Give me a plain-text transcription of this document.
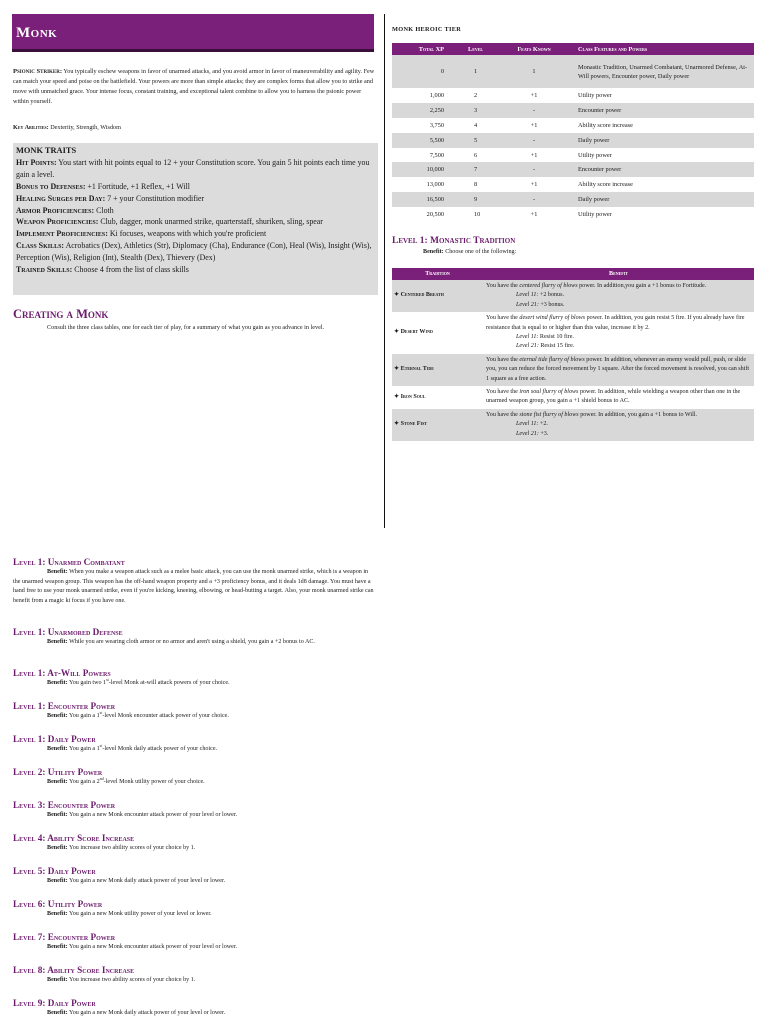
Monk
Psionic Striker: You typically eschew weapons in favor of unarmed attacks, and you avoid armor in favor of maneuverability and agility. Few can match your speed and poise on the battlefield. Your powers are more than simple attacks; they are complex forms that allow you to strike and move with unmatched grace. Your intense focus, constant training, and exceptional talent combine to allow you to harness the psionic power within yourself.
Key Abilities: Dexterity, Strength, Wisdom
MONK TRAITS
Hit Points: You start with hit points equal to 12 + your Constitution score. You gain 5 hit points each time you gain a level.
Bonus to Defenses: +1 Fortitude, +1 Reflex, +1 Will
Healing Surges per Day: 7 + your Constitution modifier
Armor Proficiencies: Cloth
Weapon Proficiencies: Club, dagger, monk unarmed strike, quarterstaff, shuriken, sling, spear
Implement Proficiencies: Ki focuses, weapons with which you're proficient
Class Skills: Acrobatics (Dex), Athletics (Str), Diplomacy (Cha), Endurance (Con), Heal (Wis), Insight (Wis), Perception (Wis), Religion (Int), Stealth (Dex), Thievery (Dex)
Trained Skills: Choose 4 from the list of class skills
Creating a Monk
Consult the three class tables, one for each tier of play, for a summary of what you gain as you advance in level.
MONK HEROIC TIER
Total XP	Level	Feats Known	Class Features and Powers
0	1	1	Monastic Tradition, Unarmed Combatant, Unarmored Defense, At-Will powers, Encounter power, Daily power
1,000	2	+1	Utility power
2,250	3	-	Encounter power
3,750	4	+1	Ability score increase
5,500	5	-	Daily power
7,500	6	+1	Utility power
10,000	7	-	Encounter power
13,000	8	+1	Ability score increase
16,500	9	-	Daily power
20,500	10	+1	Utility power
Level 1: Monastic Tradition
Benefit: Choose one of the following:
Tradition	Benefit
✦ Centered Breath	You have the centered flurry of blows power. In addition,you gain a +1 bonus to Fortitude.
Level 11: +2 bonus.
Level 21: +3 bonus.

✦ Desert Wind	You have the desert wind flurry of blows power. In addition, you gain resist 5 fire. If you already have fire resistance that is equal to or higher than this value, increase it by 2.
Level 11: Resist 10 fire.
Level 21: Resist 15 fire.

✦ Eternal Tide	You have the eternal tide flurry of blows power. In addition, whenever an enemy would pull, push, or slide you, you can reduce the forced movement by 1 square. After the forced movement is resolved, you can shift 1 square as a free action.
✦ Iron Soul	You have the iron soul flurry of blows power. In addition, while wielding a weapon other than one in the unarmed weapon group, you gain a +1 shield bonus to AC.
✦ Stone Fist	You have the stone fist flurry of blows power. In addition, you gain a +1 bonus to Will.
Level 11: +2.
Level 21: +3.
Level 1: Unarmed Combatant

Benefit: When you make a weapon attack such as a melee basic attack, you can use the monk unarmed strike, which is a weapon in the unarmed weapon group. This weapon has the off-hand weapon property and a +3 proficiency bonus, and it deals 1d8 damage. You must have a hand free to use your monk unarmed strike, even if you're kicking, kneeing, elbowing, or head-butting a target. Also, your monk unarmed strike can benefit from a magic ki focus if you have one.

Level 1: Unarmored Defense

Benefit: While you are wearing cloth armor or no armor and aren't using a shield, you gain a +2 bonus to AC.

Level 1: At-Will Powers

Benefit: You gain two 1st-level Monk at-will attack powers of your choice.

Level 1: Encounter Power

Benefit: You gain a 1st-level Monk encounter attack power of your choice.

Level 1: Daily Power

Benefit: You gain a 1st-level Monk daily attack power of your choice.

Level 2: Utility Power

Benefit: You gain a 2nd-level Monk utility power of your choice.

Level 3: Encounter Power

Benefit: You gain a new Monk encounter attack power of your level or lower.

Level 4: Ability Score Increase

Benefit: You increase two ability scores of your choice by 1.

Level 5: Daily Power

Benefit: You gain a new Monk daily attack power of your level or lower.

Level 6: Utility Power

Benefit: You gain a new Monk utility power of your level or lower.

Level 7: Encounter Power

Benefit: You gain a new Monk encounter attack power of your level or lower.

Level 8: Ability Score Increase

Benefit: You increase two ability scores of your choice by 1.

Level 9: Daily Power

Benefit: You gain a new Monk daily attack power of your level or lower.
